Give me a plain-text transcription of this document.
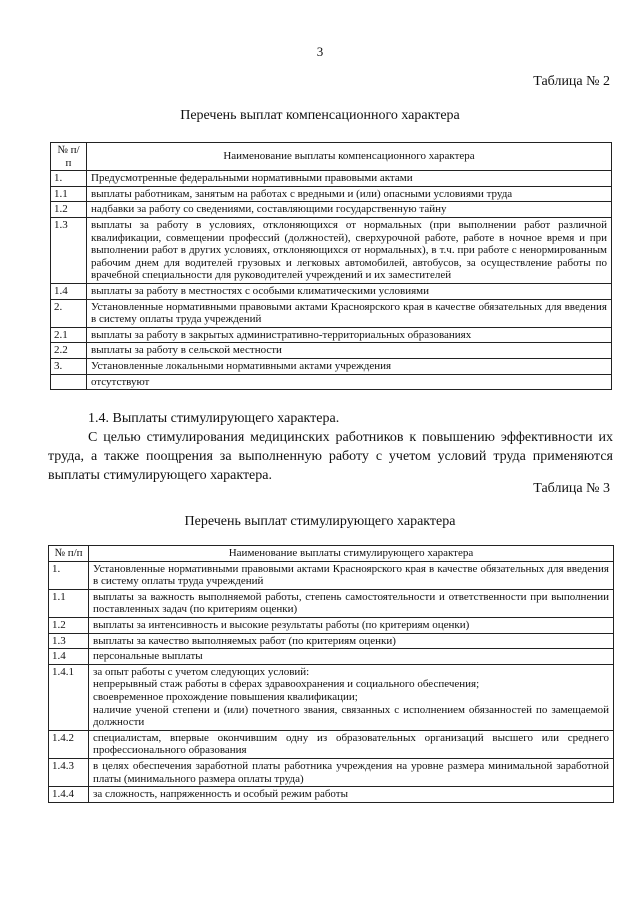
3
Таблица № 2
Перечень выплат компенсационного характера
№ п/п	Наименование выплаты компенсационного характера
1.	Предусмотренные федеральными нормативными правовыми актами
1.1	выплаты работникам, занятым на работах с вредными и (или) опасными условиями труда
1.2	надбавки за работу со сведениями, составляющими государственную тайну
1.3	выплаты за работу в условиях, отклоняющихся от нормальных (при выполнении работ различной квалификации, совмещении профессий (должностей), сверхурочной работе, работе в ночное время и при выполнении работ в других условиях, отклоняющихся от нормальных), в т.ч. при работе с ненормированным рабочим днем для водителей грузовых и легковых автомобилей, автобусов, за осуществление работы по врачебной специальности для руководителей учреждений и их заместителей
1.4	выплаты за работу в местностях с особыми климатическими условиями
2.	Установленные нормативными правовыми актами Красноярского края в качестве обязательных для введения в систему оплаты труда учреждений
2.1	выплаты за работу в закрытых административно-территориальных образованиях
2.2	выплаты за работу в сельской местности
3.	Установленные локальными нормативными актами учреждения
	отсутствуют
1.4. Выплаты стимулирующего характера.
С целью стимулирования медицинских работников к повышению эффективности их труда, а также поощрения за выполненную работу с учетом условий труда применяются выплаты стимулирующего характера.
Таблица № 3
Перечень выплат стимулирующего характера
№ п/п	Наименование выплаты стимулирующего характера
1.	Установленные нормативными правовыми актами Красноярского края в качестве обязательных для введения в систему оплаты труда учреждений
1.1	выплаты за важность выполняемой работы, степень самостоятельности и ответственности при выполнении поставленных задач (по критериям оценки)
1.2	выплаты за интенсивность и высокие результаты работы (по критериям оценки)
1.3	выплаты за качество выполняемых работ (по критериям оценки)
1.4	персональные выплаты
1.4.1	за опыт работы с учетом следующих условий:
непрерывный стаж работы в сферах здравоохранения и социального обеспечения;
своевременное прохождение повышения квалификации;
наличие ученой степени и (или) почетного звания, связанных с исполнением обязанностей по замещаемой должности

1.4.2	специалистам, впервые окончившим одну из образовательных организаций высшего или среднего профессионального образования
1.4.3	в целях обеспечения заработной платы работника учреждения на уровне размера минимальной заработной платы (минимального размера оплаты труда)
1.4.4	за сложность, напряженность и особый режим работы
